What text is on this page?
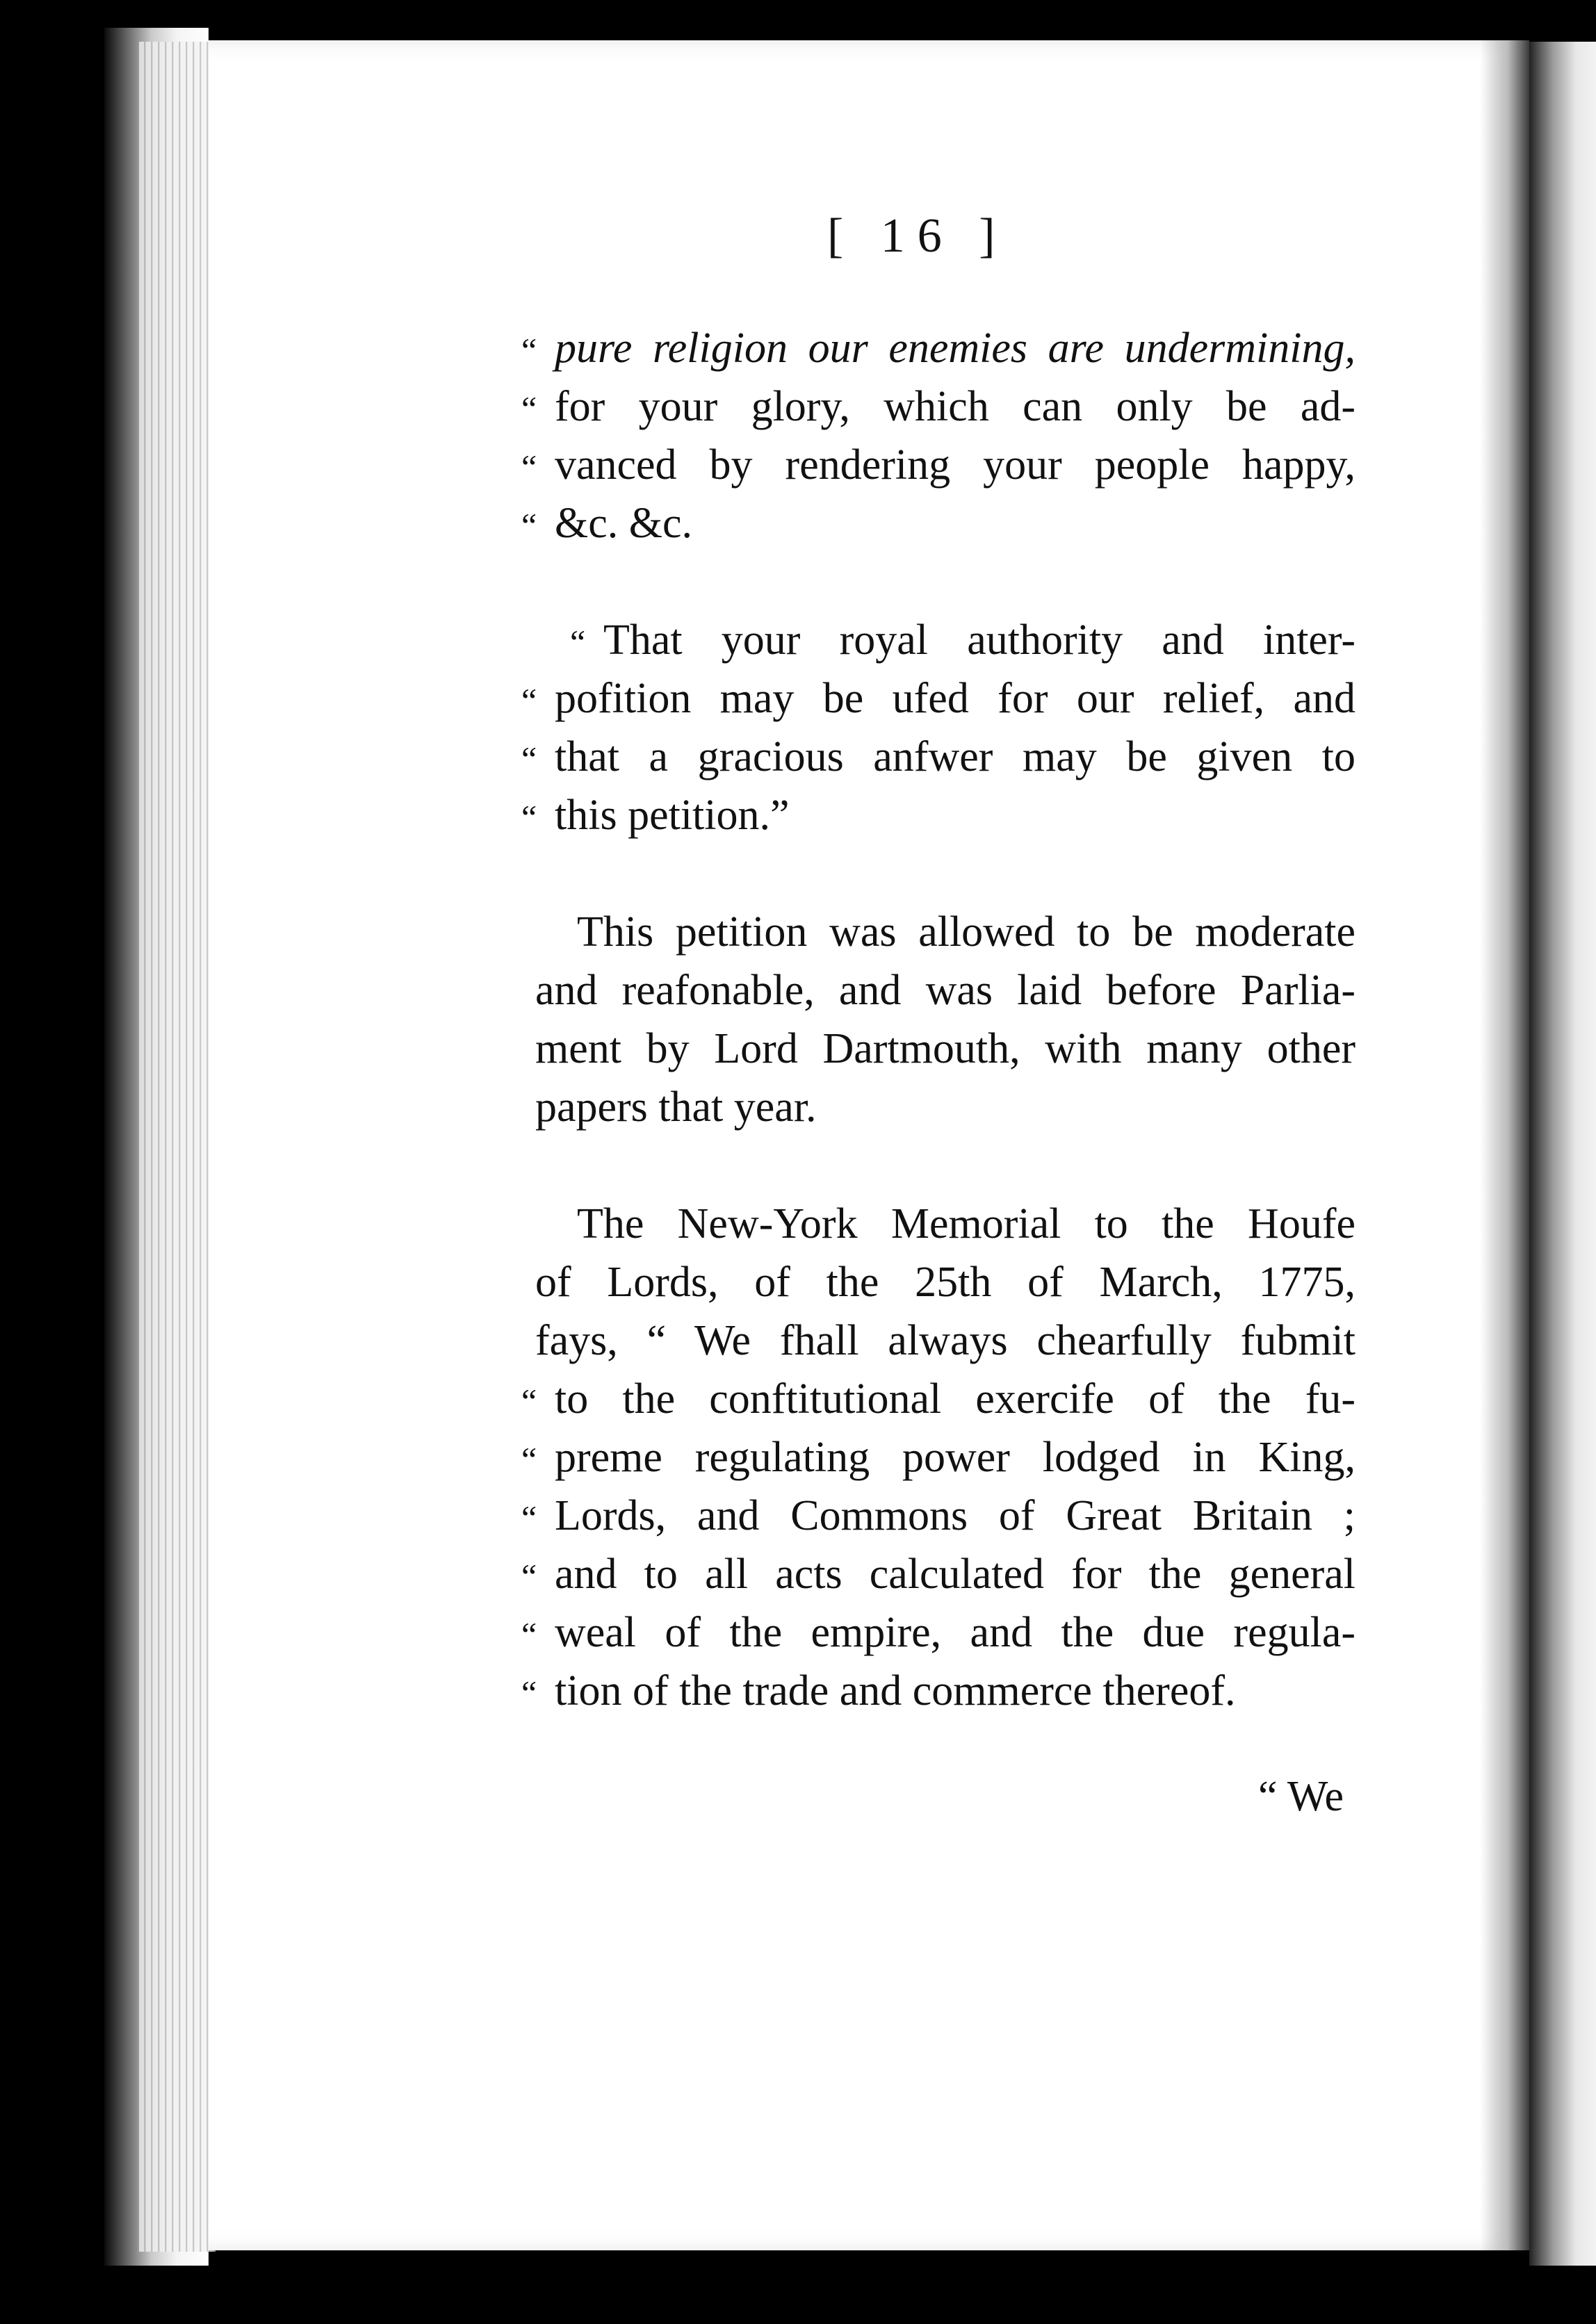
[ 16 ]
“ pure religion our enemies are undermining,
“ for your glory, which can only be ad-
“ vanced by rendering your people happy,
“ &c. &c.
“ That your royal authority and inter-
“ pofition may be ufed for our relief, and
“ that a gracious anfwer may be given to
“ this petition.”
This petition was allowed to be moderate
and reafonable, and was laid before Parlia-
ment by Lord Dartmouth, with many other
papers that year.
The New-York Memorial to the Houfe
of Lords, of the 25th of March, 1775,
fays, “ We fhall always chearfully fubmit
“ to the conftitutional exercife of the fu-
“ preme regulating power lodged in King,
“ Lords, and Commons of Great Britain ;
“ and to all acts calculated for the general
“ weal of the empire, and the due regula-
“ tion of the trade and commerce thereof.
“ We
